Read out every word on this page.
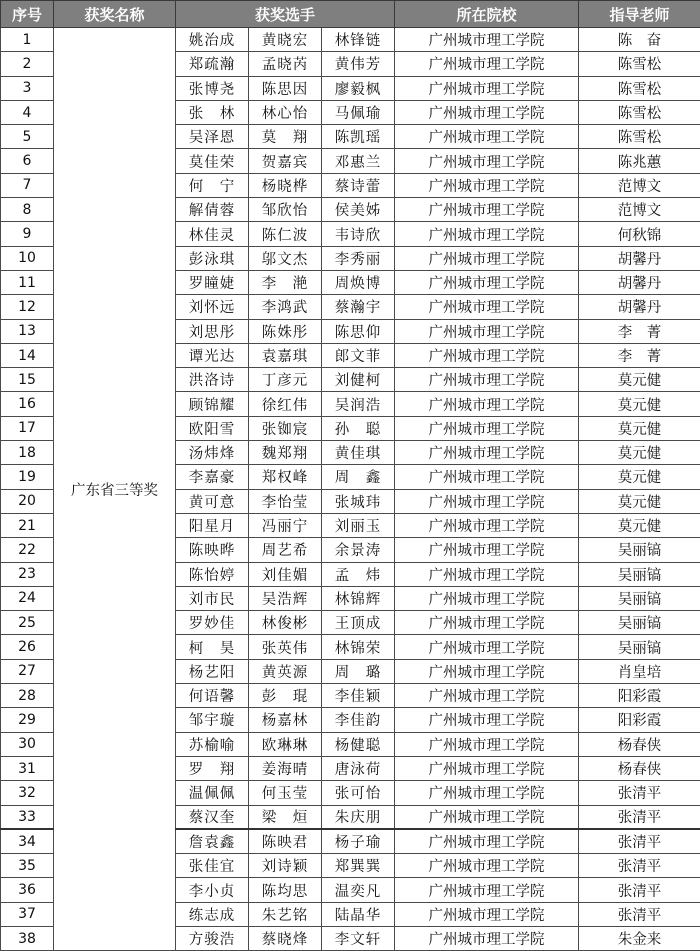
序号	获奖名称	获奖选手			所在院校	指导老师
1	广东省三等奖	姚治成	黄晓宏	林锋链	广州城市理工学院	陈　奋
2		郑疏瀚	孟晓芮	黄伟芳	广州城市理工学院	陈雪松
3		张博尧	陈思因	廖毅枫	广州城市理工学院	陈雪松
4		张　林	林心怡	马佩瑜	广州城市理工学院	陈雪松
5		吴泽恩	莫　翔	陈凯瑶	广州城市理工学院	陈雪松
6		莫佳荣	贺嘉宾	邓惠兰	广州城市理工学院	陈兆蕙
7		何　宁	杨晓桦	蔡诗蕾	广州城市理工学院	范博文
8		解倩蓉	邹欣怡	侯美姊	广州城市理工学院	范博文
9		林佳灵	陈仁波	韦诗欣	广州城市理工学院	何秋锦
10		彭泳琪	邬文杰	李秀丽	广州城市理工学院	胡馨丹
11		罗瞳婕	李　滟	周焕博	广州城市理工学院	胡馨丹
12		刘怀远	李鸿武	蔡瀚宇	广州城市理工学院	胡馨丹
13		刘思彤	陈姝彤	陈思仰	广州城市理工学院	李　菁
14		谭光达	袁嘉琪	郎文菲	广州城市理工学院	李　菁
15		洪洛诗	丁彦元	刘健柯	广州城市理工学院	莫元健
16		顾锦耀	徐红伟	吴润浩	广州城市理工学院	莫元健
17		欧阳雪	张铷宸	孙　聪	广州城市理工学院	莫元健
18		汤炜烽	魏郑翔	黄佳琪	广州城市理工学院	莫元健
19		李嘉豪	郑权峰	周　鑫	广州城市理工学院	莫元健
20		黄可意	李怡莹	张城玮	广州城市理工学院	莫元健
21		阳星月	冯丽宁	刘丽玉	广州城市理工学院	莫元健
22		陈映晔	周艺希	余景涛	广州城市理工学院	吴丽镐
23		陈怡婷	刘佳媚	孟　炜	广州城市理工学院	吴丽镐
24		刘市民	吴浩辉	林锦辉	广州城市理工学院	吴丽镐
25		罗妙佳	林俊彬	王顶成	广州城市理工学院	吴丽镐
26		柯　昊	张英伟	林锦荣	广州城市理工学院	吴丽镐
27		杨艺阳	黄英源	周　璐	广州城市理工学院	肖皇培
28		何语馨	彭　琨	李佳颖	广州城市理工学院	阳彩霞
29		邹宇璇	杨嘉林	李佳韵	广州城市理工学院	阳彩霞
30		苏榆喻	欧琳琳	杨健聪	广州城市理工学院	杨春侠
31		罗　翔	姜海晴	唐泳荷	广州城市理工学院	杨春侠
32		温佩佩	何玉莹	张可怡	广州城市理工学院	张清平
33		蔡汉奎	梁　烜	朱庆朋	广州城市理工学院	张清平
34		詹袁鑫	陈映君	杨子瑜	广州城市理工学院	张清平
35		张佳宜	刘诗颖	郑巽巽	广州城市理工学院	张清平
36		李小贞	陈均思	温奕凡	广州城市理工学院	张清平
37		练志成	朱艺铭	陆晶华	广州城市理工学院	张清平
38		方骏浩	蔡晓烽	李文轩	广州城市理工学院	朱金来
